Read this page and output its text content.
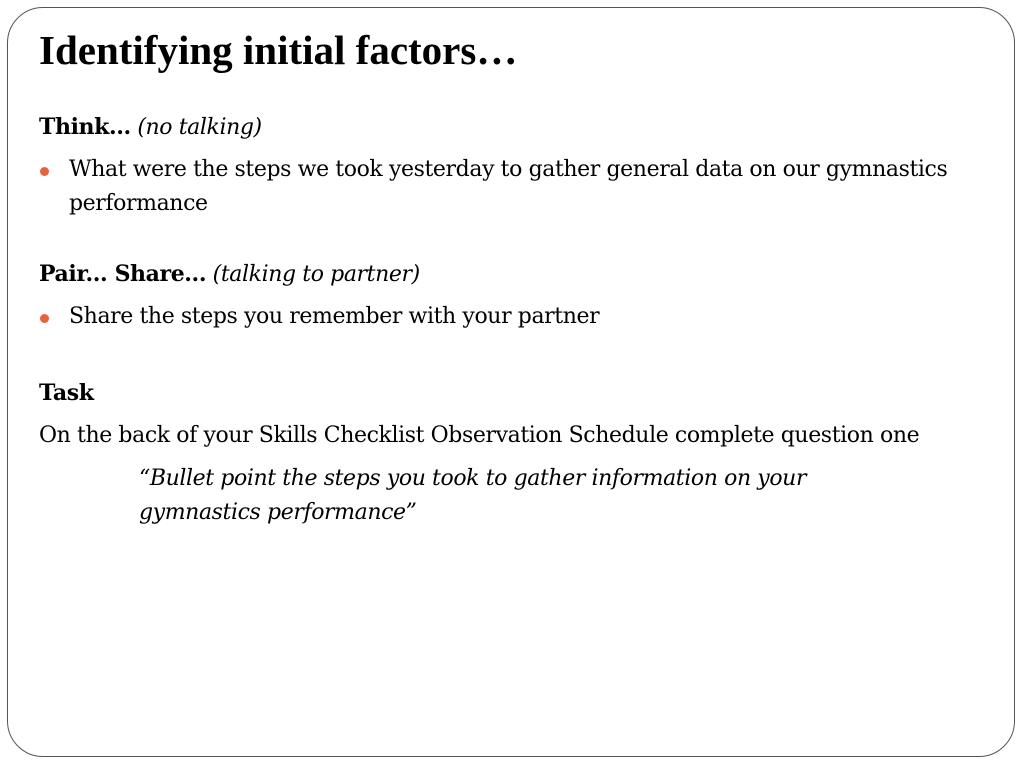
Identifying initial factors…

Think... (no talking)

What were the steps we took yesterday to gather general data on our gymnastics performance

Pair... Share... (talking to partner)

Share the steps you remember with your partner

Task

On the back of your Skills Checklist Observation Schedule complete question one

“Bullet point the steps you took to gather information on your gymnastics performance”
